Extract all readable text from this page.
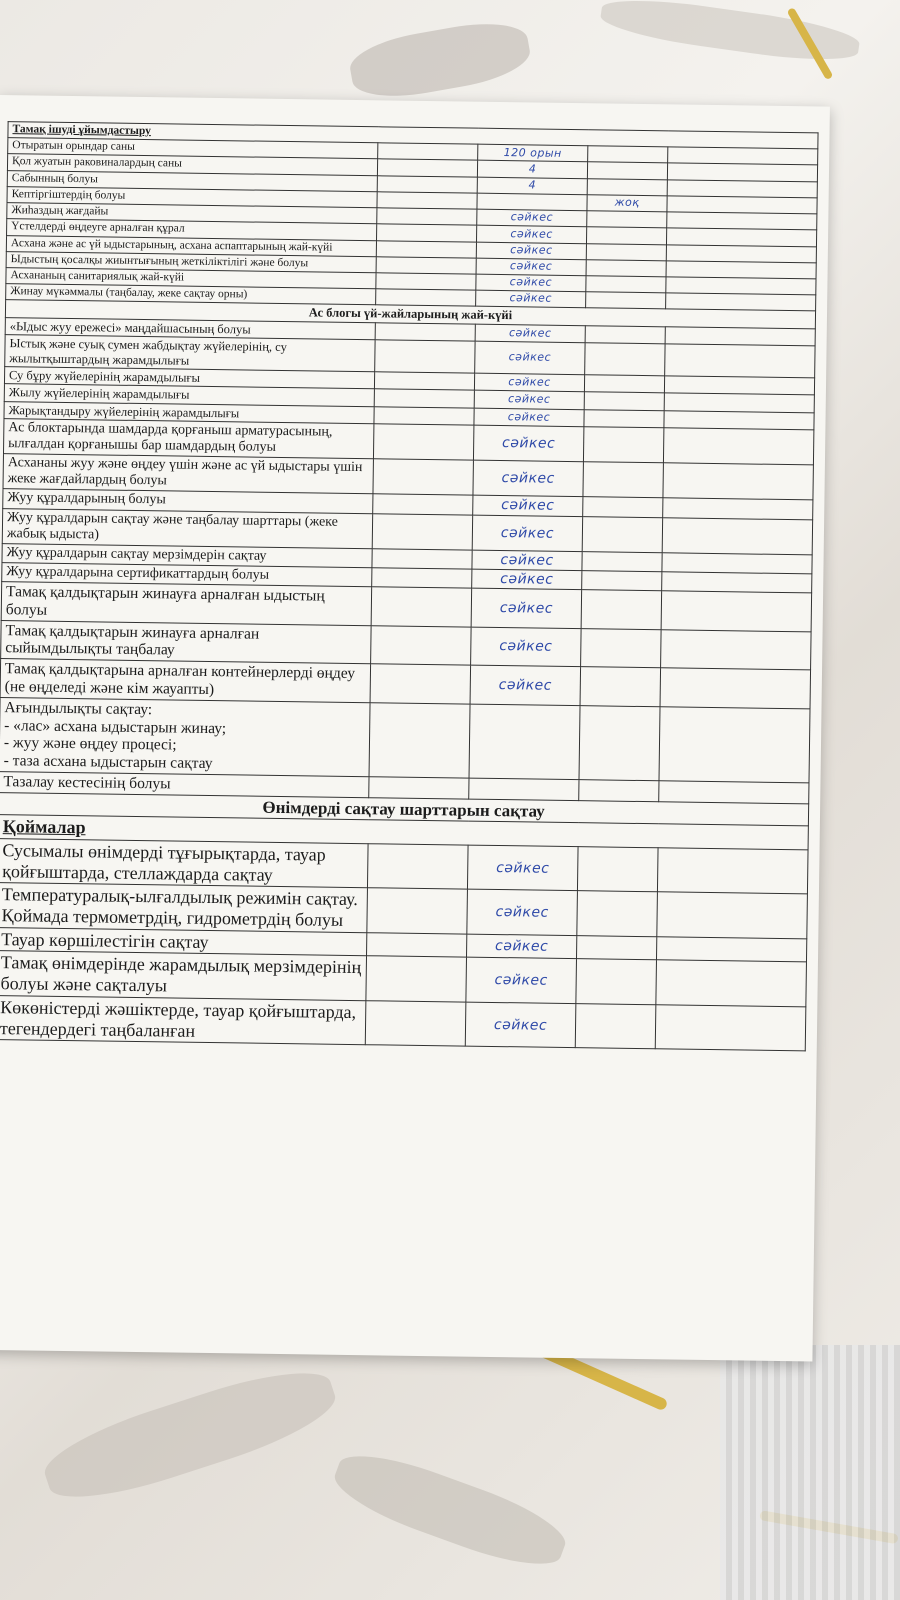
Тамақ ішуді ұйымдастыру				
Отыратын орындар саны		120 орын		
Қол жуатын раковиналардың саны		4		
Сабынның болуы		4		
Кептіргіштердің болуы			жоқ	
Жиһаздың жағдайы		сәйкес		
Үстелдерді өңдеуге арналған құрал		сәйкес		
Асхана және ас үй ыдыстарының, асхана аспаптарының жай-күйі		сәйкес		
Ыдыстың қосалқы жиынтығының жеткіліктілігі және болуы		сәйкес		
Асхананың санитариялық жай-күйі		сәйкес		
Жинау мүкәммалы (таңбалау, жеке сақтау орны)		сәйкес		
Ас блогы үй-жайларының жай-күйі				
«Ыдыс жуу ережесі» маңдайшасының болуы		сәйкес		
Ыстық және суық сумен жабдықтау жүйелерінің, су жылытқыштардың жарамдылығы		сәйкес		
Су бұру жүйелерінің жарамдылығы		сәйкес		
Жылу жүйелерінің жарамдылығы		сәйкес		
Жарықтандыру жүйелерінің жарамдылығы		сәйкес		
Ас блоктарында шамдарда қорғаныш арматурасының, ылғалдан қорғанышы бар шамдардың болуы		сәйкес		
Асхананы жуу және өңдеу үшін және ас үй ыдыстары үшін жеке жағдайлардың болуы		сәйкес		
Жуу құралдарының болуы		сәйкес		
Жуу құралдарын сақтау және таңбалау шарттары (жеке жабық ыдыста)		сәйкес		
Жуу құралдарын сақтау мерзімдерін сақтау		сәйкес		
Жуу құралдарына сертификаттардың болуы		сәйкес		
Тамақ қалдықтарын жинауға арналған ыдыстың болуы		сәйкес		
Тамақ қалдықтарын жинауға арналған сыйымдылықты таңбалау		сәйкес		
Тамақ қалдықтарына арналған контейнерлерді өңдеу (не өңделеді және кім жауапты)		сәйкес		
Ағындылықты сақтау:
- «лас» асхана ыдыстарын жинау;
- жуу және өңдеу процесі;
- таза асхана ыдыстарын сақтау				
Тазалау кестесінің болуы				
Өнімдерді сақтау шарттарын сақтау				
Қоймалар				
Сусымалы өнімдерді тұғырықтарда, тауар қойғыштарда, стеллаждарда сақтау		сәйкес		
Температуралық-ылғалдылық режимін сақтау. Қоймада термометрдің, гидрометрдің болуы		сәйкес		
Тауар көршілестігін сақтау		сәйкес		
Тамақ өнімдерінде жарамдылық мерзімдерінің болуы және сақталуы		сәйкес		
Көкөністерді жәшіктерде, тауар қойғыштарда, тегендердегі таңбаланған		сәйкес		
